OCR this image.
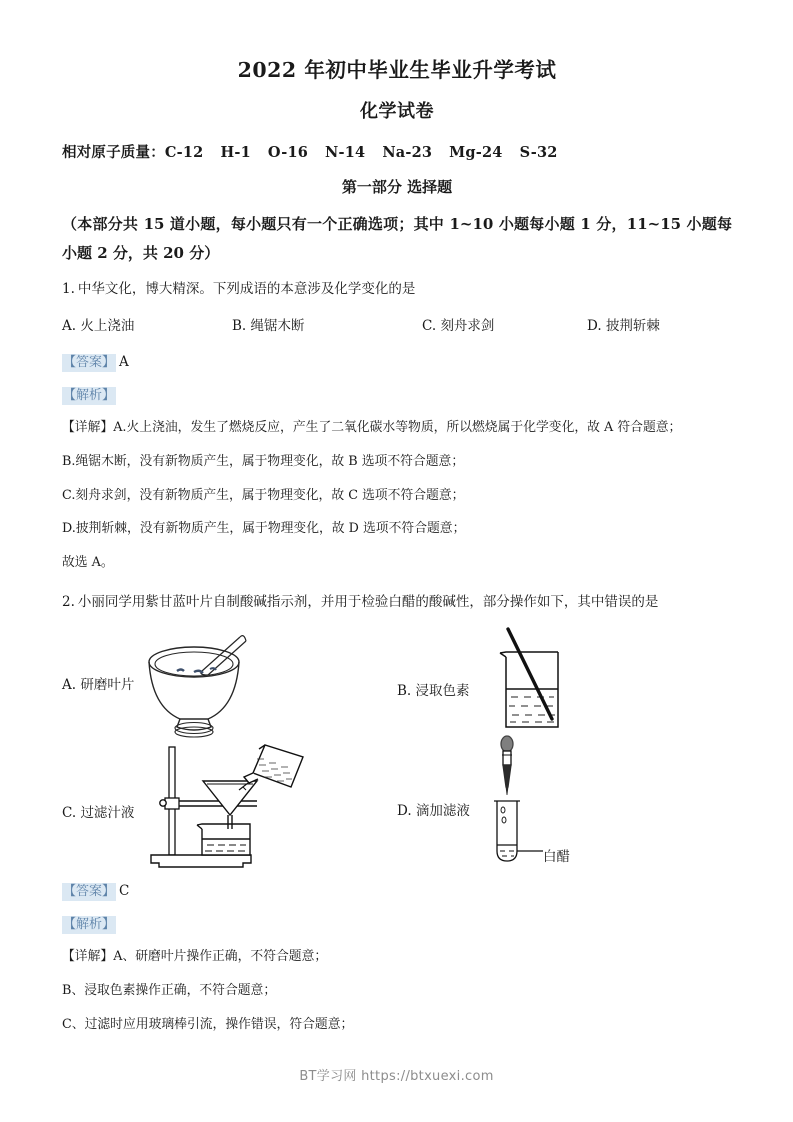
2022 年初中毕业生毕业升学考试
化学试卷
相对原子质量：C-12 H-1 O-16 N-14 Na-23 Mg-24 S-32
第一部分 选择题
（本部分共 15 道小题，每小题只有一个正确选项；其中 1~10 小题每小题 1 分，11~15 小题每小题 2 分，共 20 分）
1. 中华文化，博大精深。下列成语的本意涉及化学变化的是
A. 火上浇油	B. 绳锯木断	C. 刻舟求剑	D. 披荆斩棘
【答案】 A
【解析】
【详解】A.火上浇油，发生了燃烧反应，产生了二氧化碳水等物质，所以燃烧属于化学变化，故 A 符合题意；
B.绳锯木断，没有新物质产生，属于物理变化，故 B 选项不符合题意；
C.刻舟求剑，没有新物质产生，属于物理变化，故 C 选项不符合题意；
D.披荆斩棘，没有新物质产生，属于物理变化，故 D 选项不符合题意；
故选 A。
2. 小丽同学用紫甘蓝叶片自制酸碱指示剂，并用于检验白醋的酸碱性，部分操作如下，其中错误的是
A. 研磨叶片	B. 浸取色素
C. 过滤汁液	D. 滴加滤液
白醋
【答案】 C
【解析】
【详解】A、研磨叶片操作正确，不符合题意；
B、浸取色素操作正确，不符合题意；
C、过滤时应用玻璃棒引流，操作错误，符合题意；
BT学习网 https://btxuexi.com
